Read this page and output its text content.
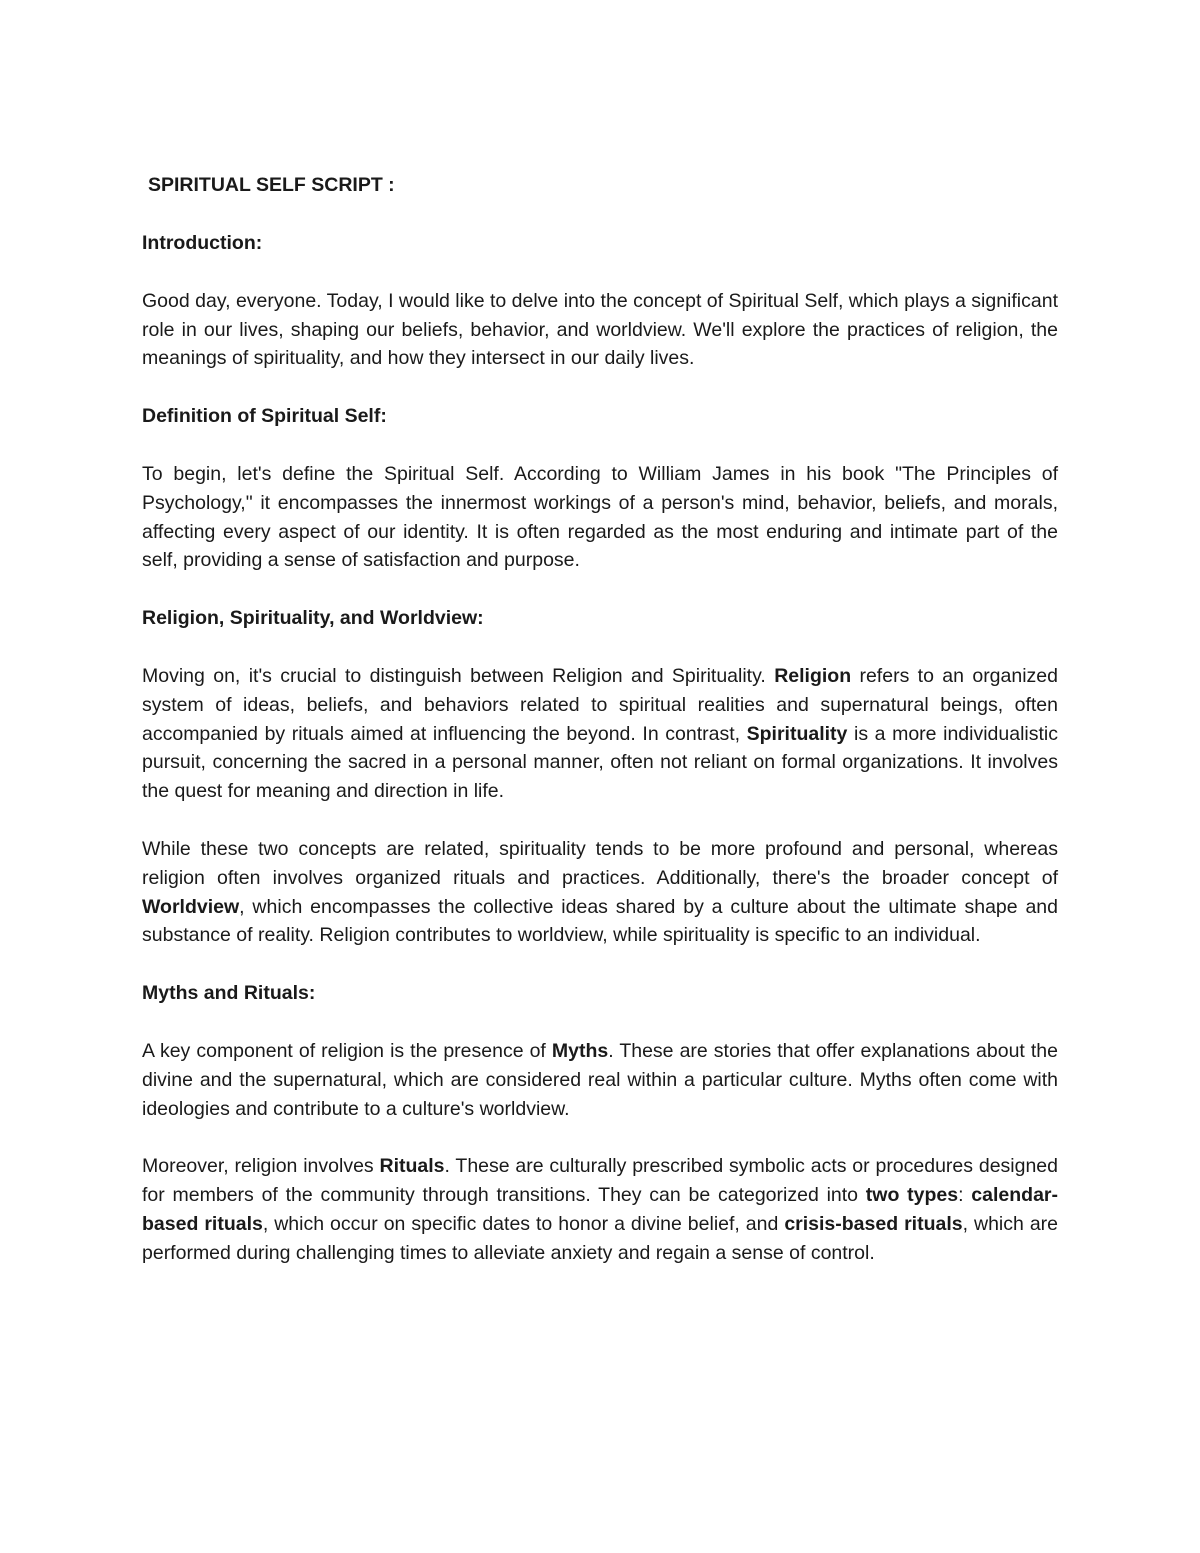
SPIRITUAL SELF SCRIPT :
Introduction:
Good day, everyone. Today, I would like to delve into the concept of Spiritual Self, which plays a significant role in our lives, shaping our beliefs, behavior, and worldview. We'll explore the practices of religion, the meanings of spirituality, and how they intersect in our daily lives.
Definition of Spiritual Self:
To begin, let's define the Spiritual Self. According to William James in his book "The Principles of Psychology," it encompasses the innermost workings of a person's mind, behavior, beliefs, and morals, affecting every aspect of our identity. It is often regarded as the most enduring and intimate part of the self, providing a sense of satisfaction and purpose.
Religion, Spirituality, and Worldview:
Moving on, it's crucial to distinguish between Religion and Spirituality. Religion refers to an organized system of ideas, beliefs, and behaviors related to spiritual realities and supernatural beings, often accompanied by rituals aimed at influencing the beyond. In contrast, Spirituality is a more individualistic pursuit, concerning the sacred in a personal manner, often not reliant on formal organizations. It involves the quest for meaning and direction in life.
While these two concepts are related, spirituality tends to be more profound and personal, whereas religion often involves organized rituals and practices. Additionally, there's the broader concept of Worldview, which encompasses the collective ideas shared by a culture about the ultimate shape and substance of reality. Religion contributes to worldview, while spirituality is specific to an individual.
Myths and Rituals:
A key component of religion is the presence of Myths. These are stories that offer explanations about the divine and the supernatural, which are considered real within a particular culture. Myths often come with ideologies and contribute to a culture's worldview.
Moreover, religion involves Rituals. These are culturally prescribed symbolic acts or procedures designed for members of the community through transitions. They can be categorized into two types: calendar-based rituals, which occur on specific dates to honor a divine belief, and crisis-based rituals, which are performed during challenging times to alleviate anxiety and regain a sense of control.
